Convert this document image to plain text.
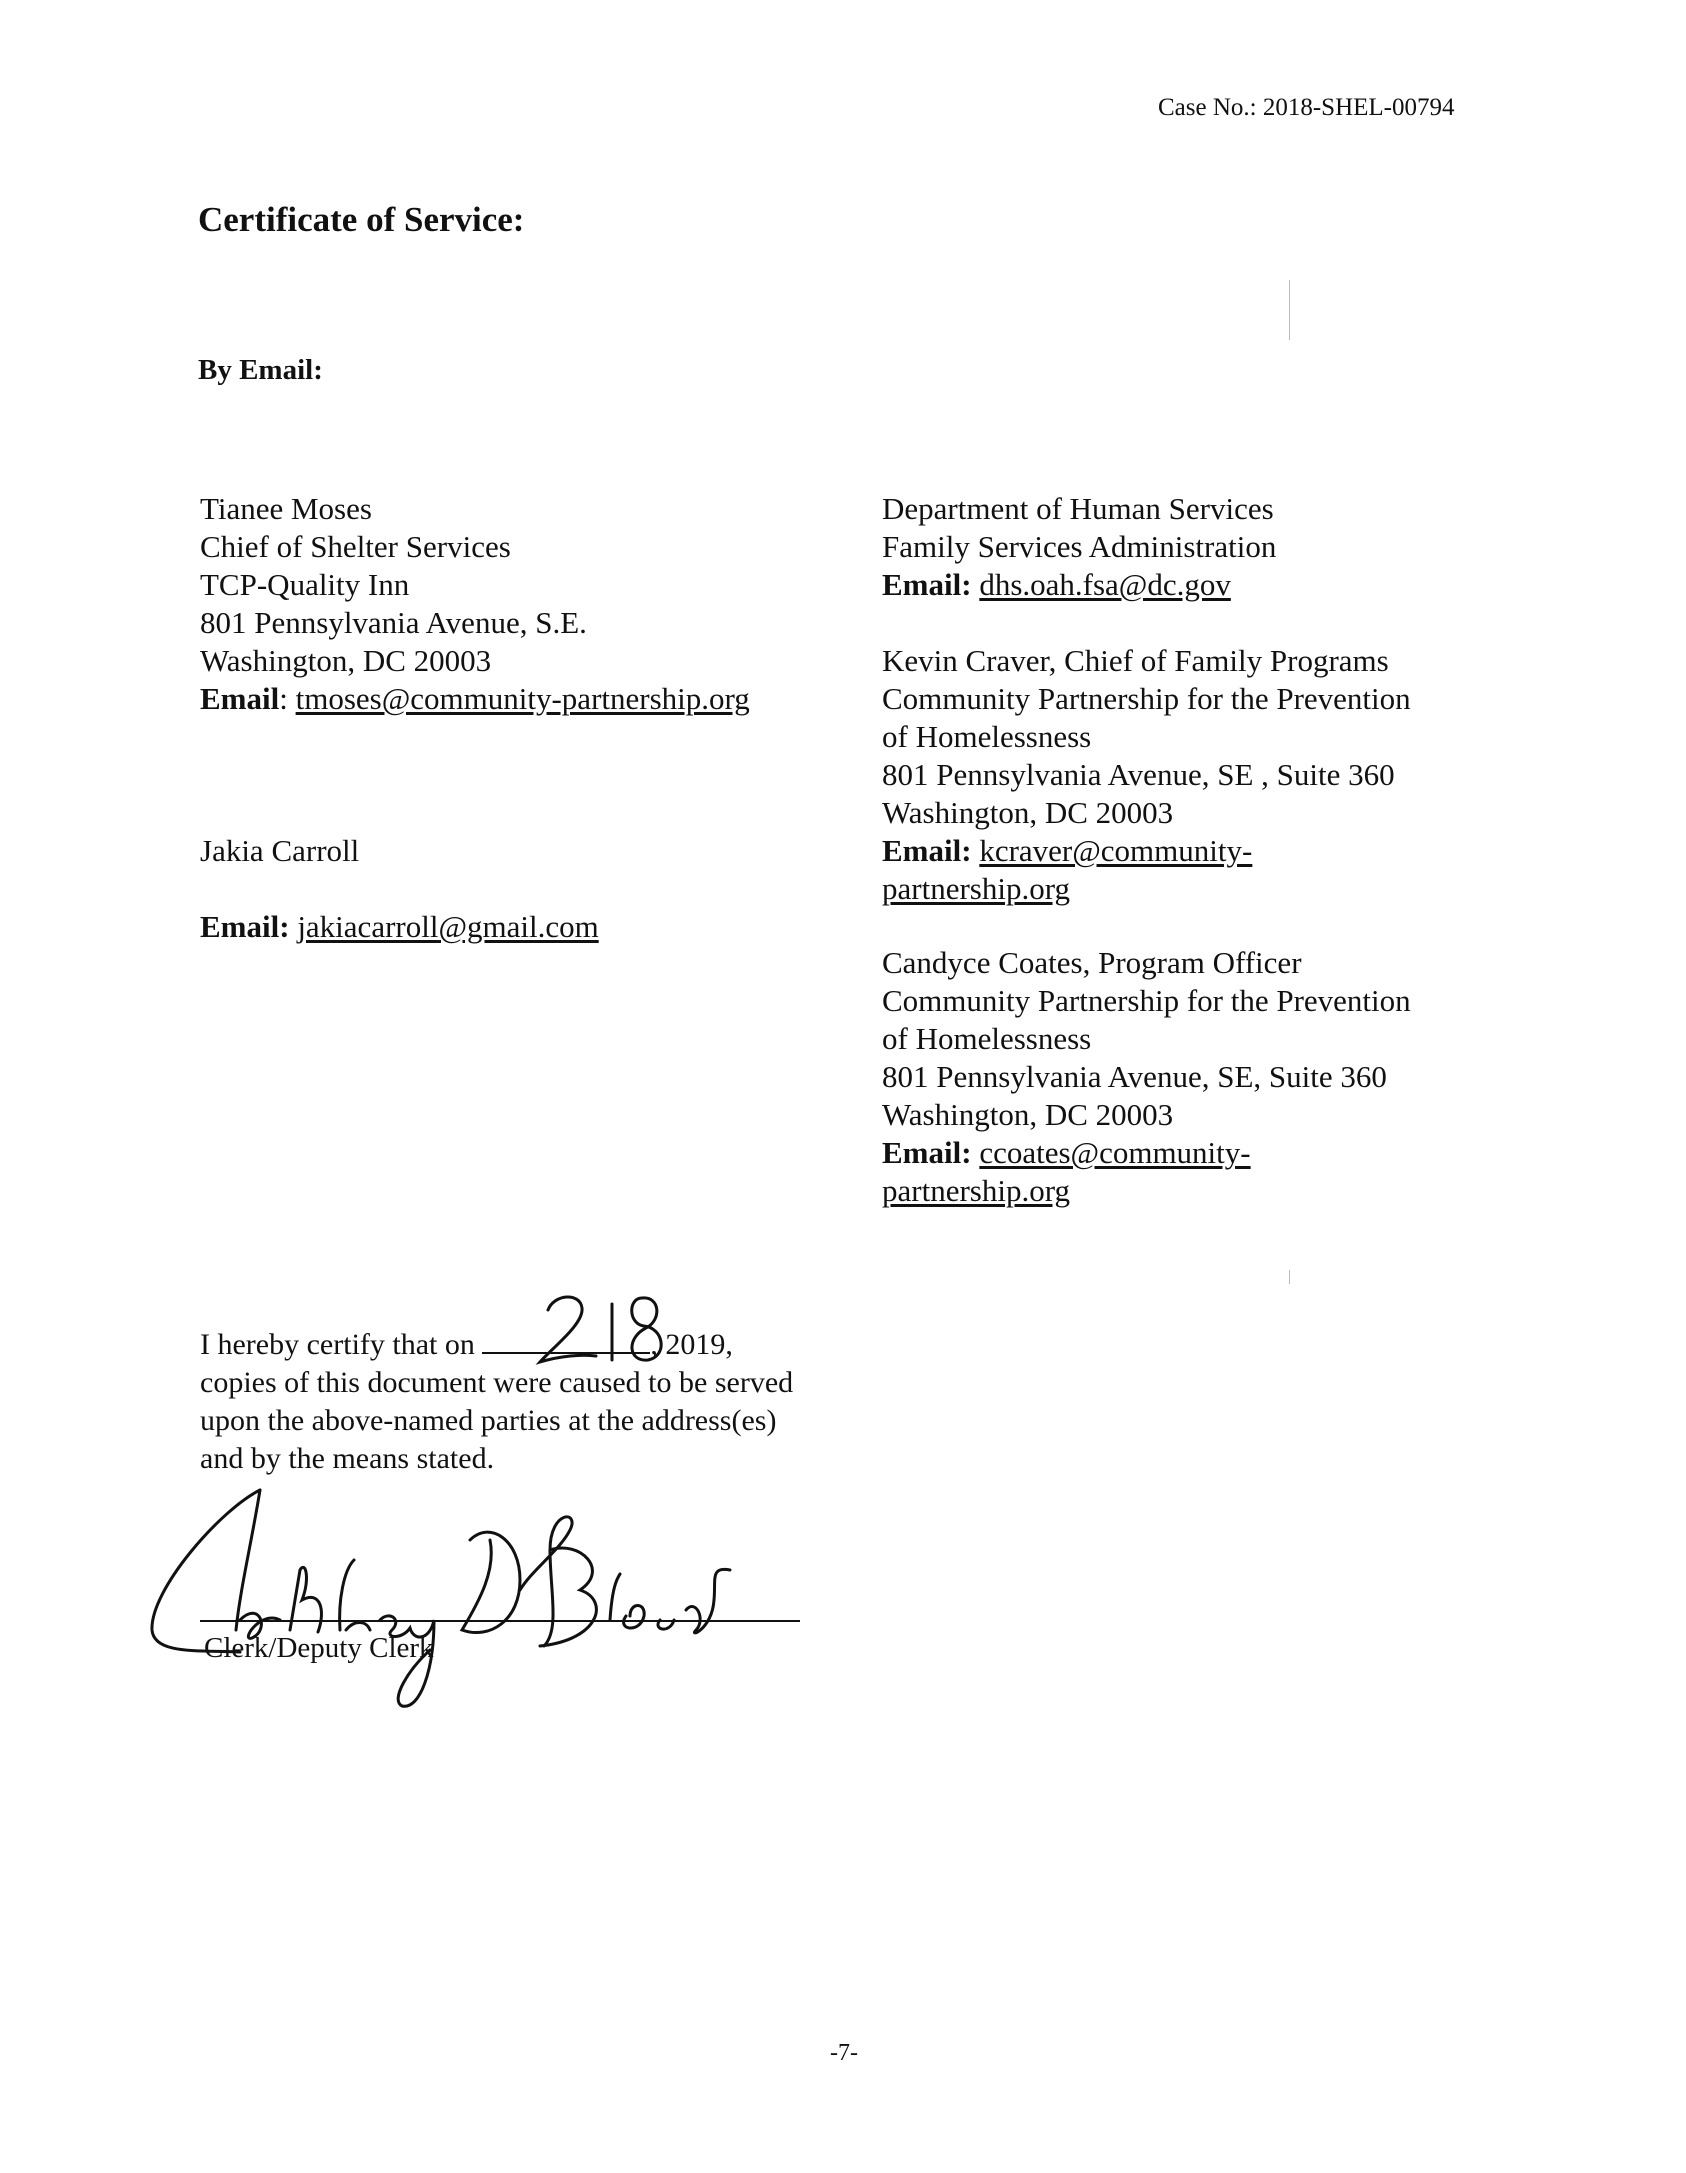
Case No.: 2018-SHEL-00794
Certificate of Service:
By Email:
Tianee Moses
Chief of Shelter Services
TCP-Quality Inn
801 Pennsylvania Avenue, S.E.
Washington, DC 20003
Email: tmoses@community-partnership.org
Jakia Carroll
Email: jakiacarroll@gmail.com
Department of Human Services
Family Services Administration
Email: dhs.oah.fsa@dc.gov
Kevin Craver, Chief of Family Programs
Community Partnership for the Prevention
of Homelessness
801 Pennsylvania Avenue, SE , Suite 360
Washington, DC 20003
Email: kcraver@community-
partnership.org
Candyce Coates, Program Officer
Community Partnership for the Prevention
of Homelessness
801 Pennsylvania Avenue, SE, Suite 360
Washington, DC 20003
Email: ccoates@community-
partnership.org
I hereby certify that on	, 2019,
copies of this document were caused to be served
upon the above-named parties at the address(es)
and by the means stated.
Clerk/Deputy Clerk
-7-
